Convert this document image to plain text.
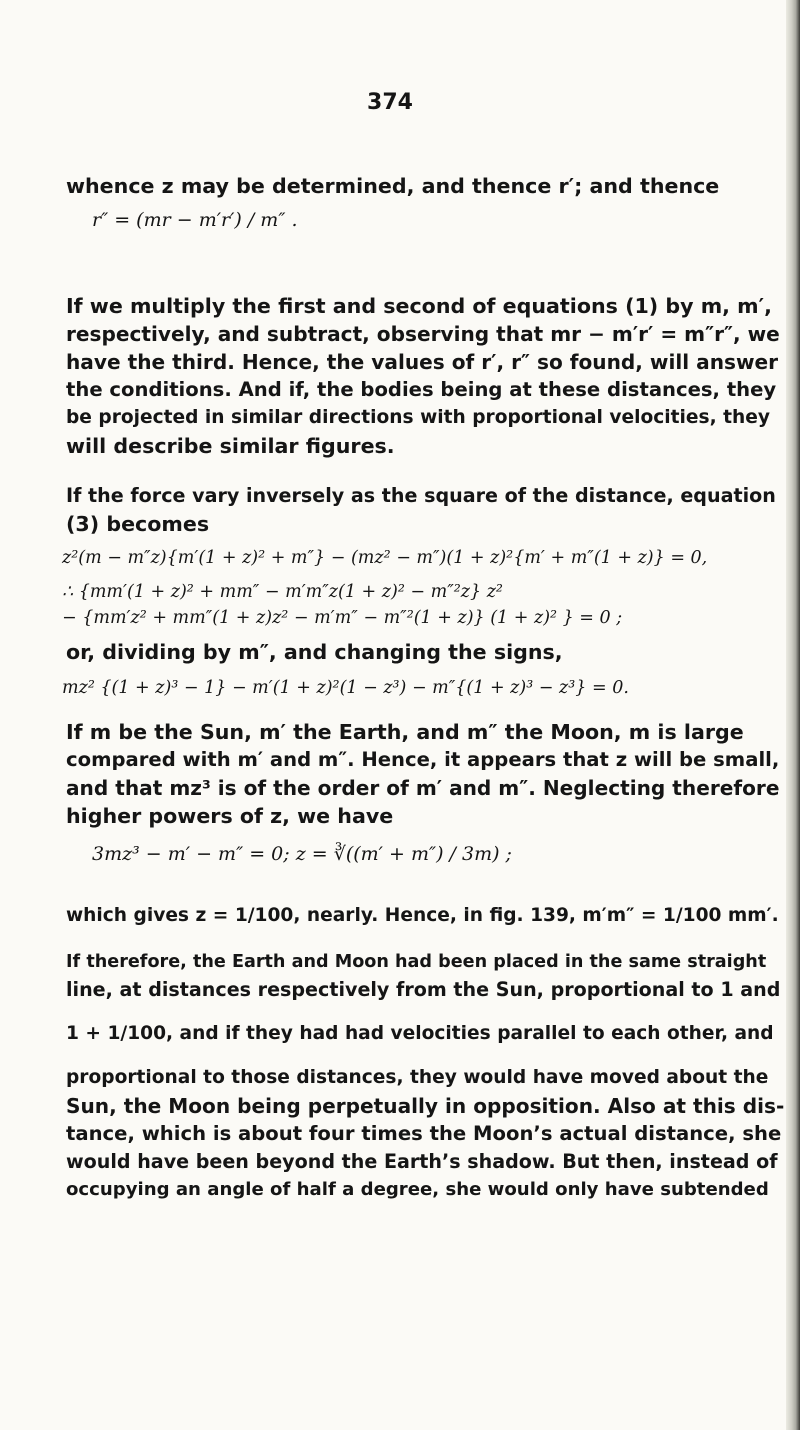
374
whence z may be determined, and thence r′; and thence
r″ = (mr − m′r′) / m″ .
If we multiply the first and second of equations (1) by m, m′,
respectively, and subtract, observing that mr − m′r′ = m″r″, we
have the third. Hence, the values of r′, r″ so found, will answer
the conditions. And if, the bodies being at these distances, they
be projected in similar directions with proportional velocities, they
will describe similar figures.
If the force vary inversely as the square of the distance, equation
(3) becomes
z²(m − m″z){m′(1 + z)² + m″} − (mz² − m″)(1 + z)²{m′ + m″(1 + z)} = 0,
∴ {mm′(1 + z)² + mm″ − m′m″z(1 + z)² − m″²z} z²
− {mm′z² + mm″(1 + z)z² − m′m″ − m″²(1 + z)} (1 + z)² } = 0 ;
or, dividing by m″, and changing the signs,
mz² {(1 + z)³ − 1} − m′(1 + z)²(1 − z³) − m″{(1 + z)³ − z³} = 0.
If m be the Sun, m′ the Earth, and m″ the Moon, m is large
compared with m′ and m″. Hence, it appears that z will be small,
and that mz³ is of the order of m′ and m″. Neglecting therefore
higher powers of z, we have
3mz³ − m′ − m″ = 0; z = ∛((m′ + m″) / 3m) ;
which gives z = 1/100, nearly. Hence, in fig. 139, m′m″ = 1/100 mm′.
If therefore, the Earth and Moon had been placed in the same straight
line, at distances respectively from the Sun, proportional to 1 and
1 + 1/100, and if they had had velocities parallel to each other, and
proportional to those distances, they would have moved about the
Sun, the Moon being perpetually in opposition. Also at this dis-
tance, which is about four times the Moon’s actual distance, she
would have been beyond the Earth’s shadow. But then, instead of
occupying an angle of half a degree, she would only have subtended
